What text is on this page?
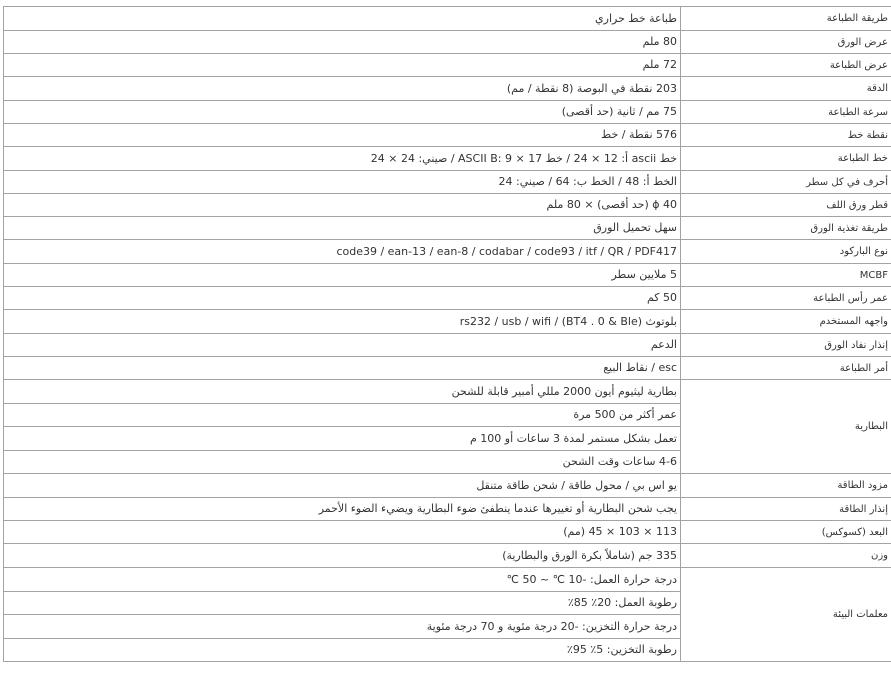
طريقة الطباعة	طباعة خط حراري
عرض الورق	80 ملم
عرض الطباعة	72 ملم
الدقة	203 نقطة في البوصة (8 نقطة / مم)
سرعة الطباعة	75 مم / ثانية (حد أقصى)
نقطة خط	576 نقطة / خط
خط الطباعة	خط ascii أ: 12 × 24 / خط 17 × 9 :ASCII B / صيني: 24 × 24
أحرف في كل سطر	الخط أ: 48 / الخط ب: 64 / صيني: 24
قطر ورق اللف	ϕ 40 (حد أقصى) × 80 ملم
طريقة تغذية الورق	سهل تحميل الورق
نوع الباركود	code39 / ean-13 / ean-8 / codabar / code93 / itf / QR / PDF417
MCBF	5 ملايين سطر
عمر رأس الطباعة	50 كم
واجهه المستخدم	بلوتوث (BT4 . 0 & Ble) / rs232 / usb / wifi
إنذار نفاد الورق	الدعم
أمر الطباعة	esc / نقاط البيع
البطارية	بطارية ليثيوم أيون 2000 مللي أمبير قابلة للشحن
	عمر أكثر من 500 مرة
	تعمل بشكل مستمر لمدة 3 ساعات أو 100 م
	4-6 ساعات وقت الشحن
مزود الطاقة	يو اس بي / محول طاقة / شحن طاقة متنقل
إنذار الطاقة	يجب شحن البطارية أو تغييرها عندما ينطفئ ضوء البطارية ويضيء الضوء الأحمر
البعد (كسوكس)	113 × 103 × 45 (مم)
وزن	335 جم (شاملاً بكرة الورق والبطارية)
معلمات البيئة	درجة حرارة العمل: -10 ℃ ~ 50 ℃
	رطوبة العمل: 20٪ 85٪
	درجة حرارة التخزين: -20 درجة مئوية و 70 درجة مئوية
	رطوبة التخزين: 5٪ 95٪
